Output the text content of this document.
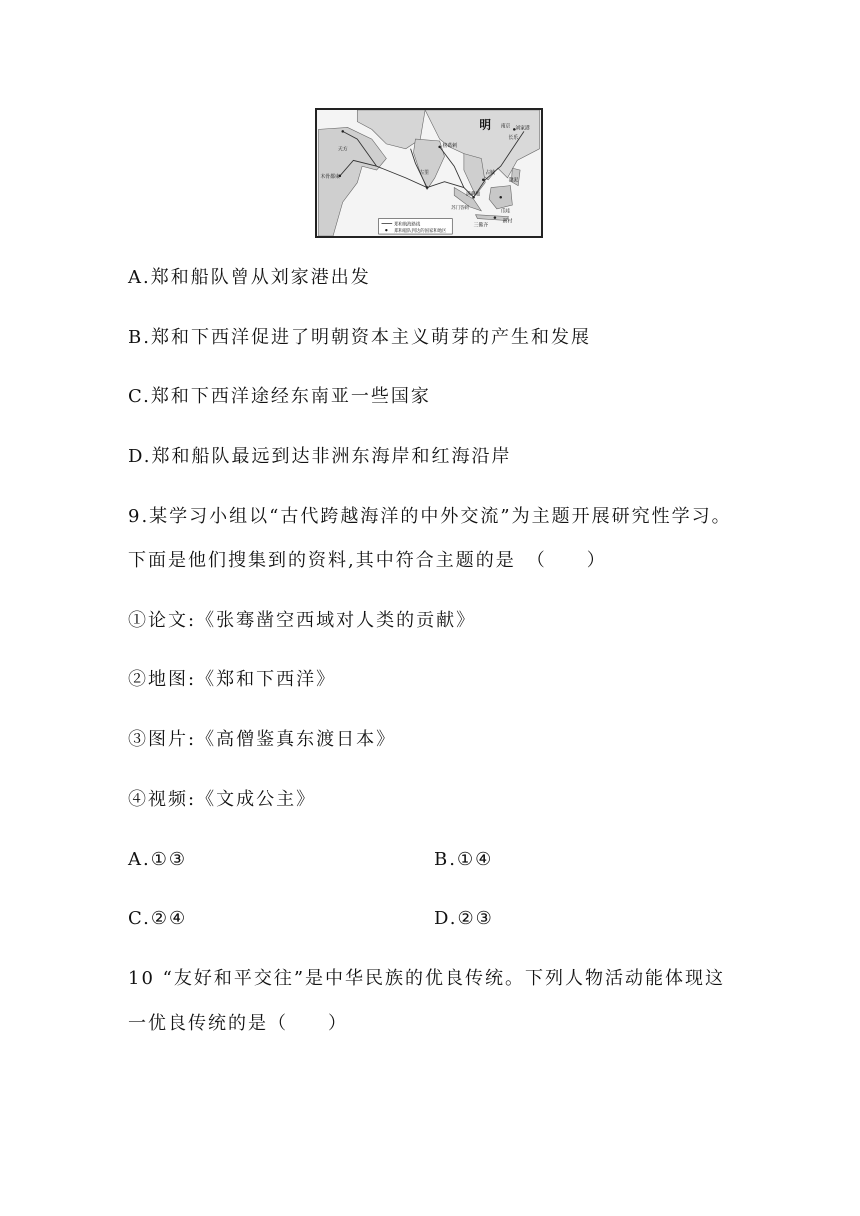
明 南京 刘家港
天方
木骨都束
古里
榜葛剌
满剌加
占城
苏门答剌
渤泥
三佛齐
爪哇
新村
长乐
郑和航海路线
郑和船队到达的国家和地区
A.郑和船队曾从刘家港出发
B.郑和下西洋促进了明朝资本主义萌芽的产生和发展
C.郑和下西洋途经东南亚一些国家
D.郑和船队最远到达非洲东海岸和红海沿岸
9.某学习小组以“古代跨越海洋的中外交流”为主题开展研究性学习。
下面是他们搜集到的资料,其中符合主题的是　（　　）
①论文:《张骞凿空西域对人类的贡献》
②地图:《郑和下西洋》
③图片:《高僧鉴真东渡日本》
④视频:《文成公主》
A.①③	B.①④
C.②④	D.②③
10 “友好和平交往”是中华民族的优良传统。下列人物活动能体现这
一优良传统的是（　　）
